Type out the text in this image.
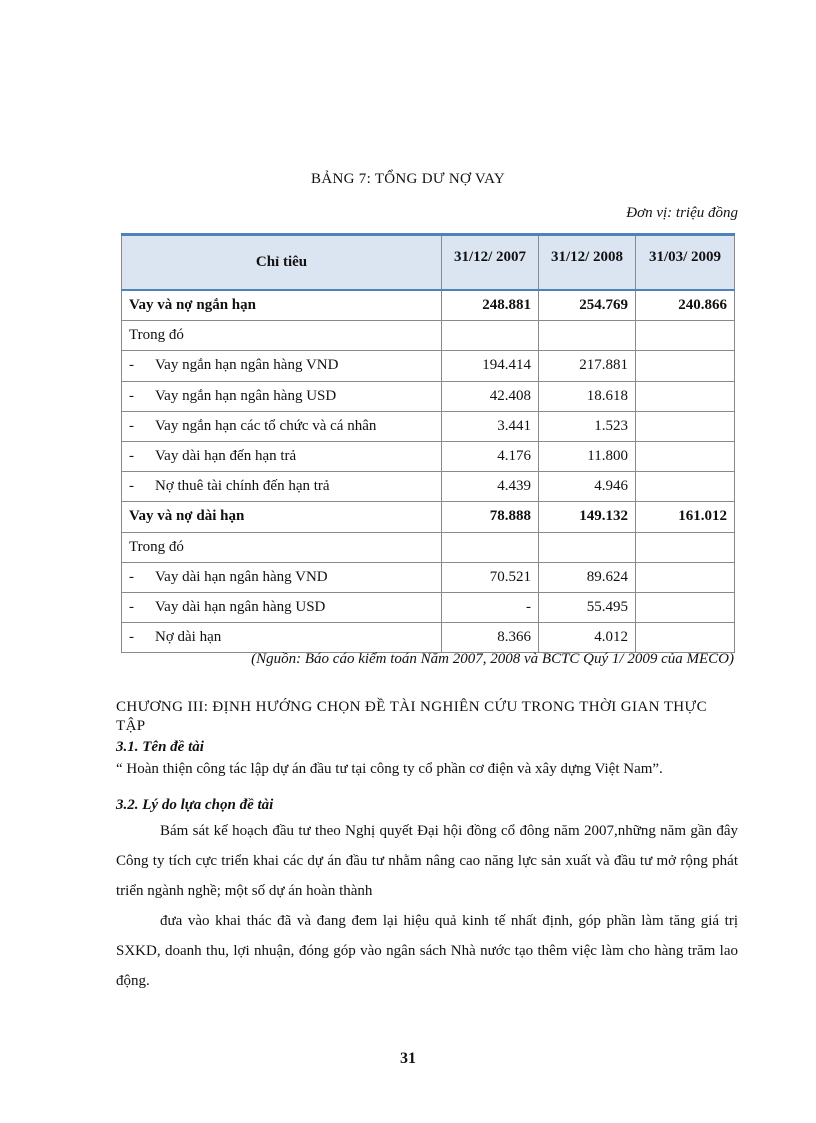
BẢNG 7: TỔNG DƯ NỢ VAY
Đơn vị: triệu đồng
Chỉ tiêu	31/12/ 2007	31/12/ 2008	31/03/ 2009
Vay và nợ ngắn hạn	248.881	254.769	240.866
Trong đó			
- Vay ngắn hạn ngân hàng VND	194.414	217.881	
- Vay ngắn hạn ngân hàng USD	42.408	18.618	
- Vay ngắn hạn các tổ chức và cá nhân	3.441	1.523	
- Vay dài hạn đến hạn trả	4.176	11.800	
- Nợ thuê tài chính đến hạn trả	4.439	4.946	
Vay và nợ dài hạn	78.888	149.132	161.012
Trong đó			
- Vay dài hạn ngân hàng VND	70.521	89.624	
- Vay dài hạn ngân hàng USD	-	55.495	
- Nợ dài hạn	8.366	4.012	
(Nguồn: Báo cáo kiểm toán Năm 2007, 2008 và BCTC Quý 1/ 2009 của MECO)
CHƯƠNG III: ĐỊNH HƯỚNG CHỌN ĐỀ TÀI NGHIÊN CỨU TRONG THỜI GIAN THỰC TẬP
3.1. Tên đề tài
“ Hoàn thiện công tác lập dự án đầu tư tại công ty cổ phần cơ điện và xây dựng Việt Nam”.
3.2. Lý do lựa chọn đề tài

Bám sát kế hoạch đầu tư theo Nghị quyết Đại hội đồng cổ đông năm 2007,những năm gần đây Công ty tích cực triển khai các dự án đầu tư nhằm nâng cao năng lực sản xuất và đầu tư mở rộng phát triển ngành nghề; một số dự án hoàn thành

đưa vào khai thác đã và đang đem lại hiệu quả kinh tế nhất định, góp phần làm tăng giá trị SXKD, doanh thu, lợi nhuận, đóng góp vào ngân sách Nhà nước tạo thêm việc làm cho hàng trăm lao động.

31
